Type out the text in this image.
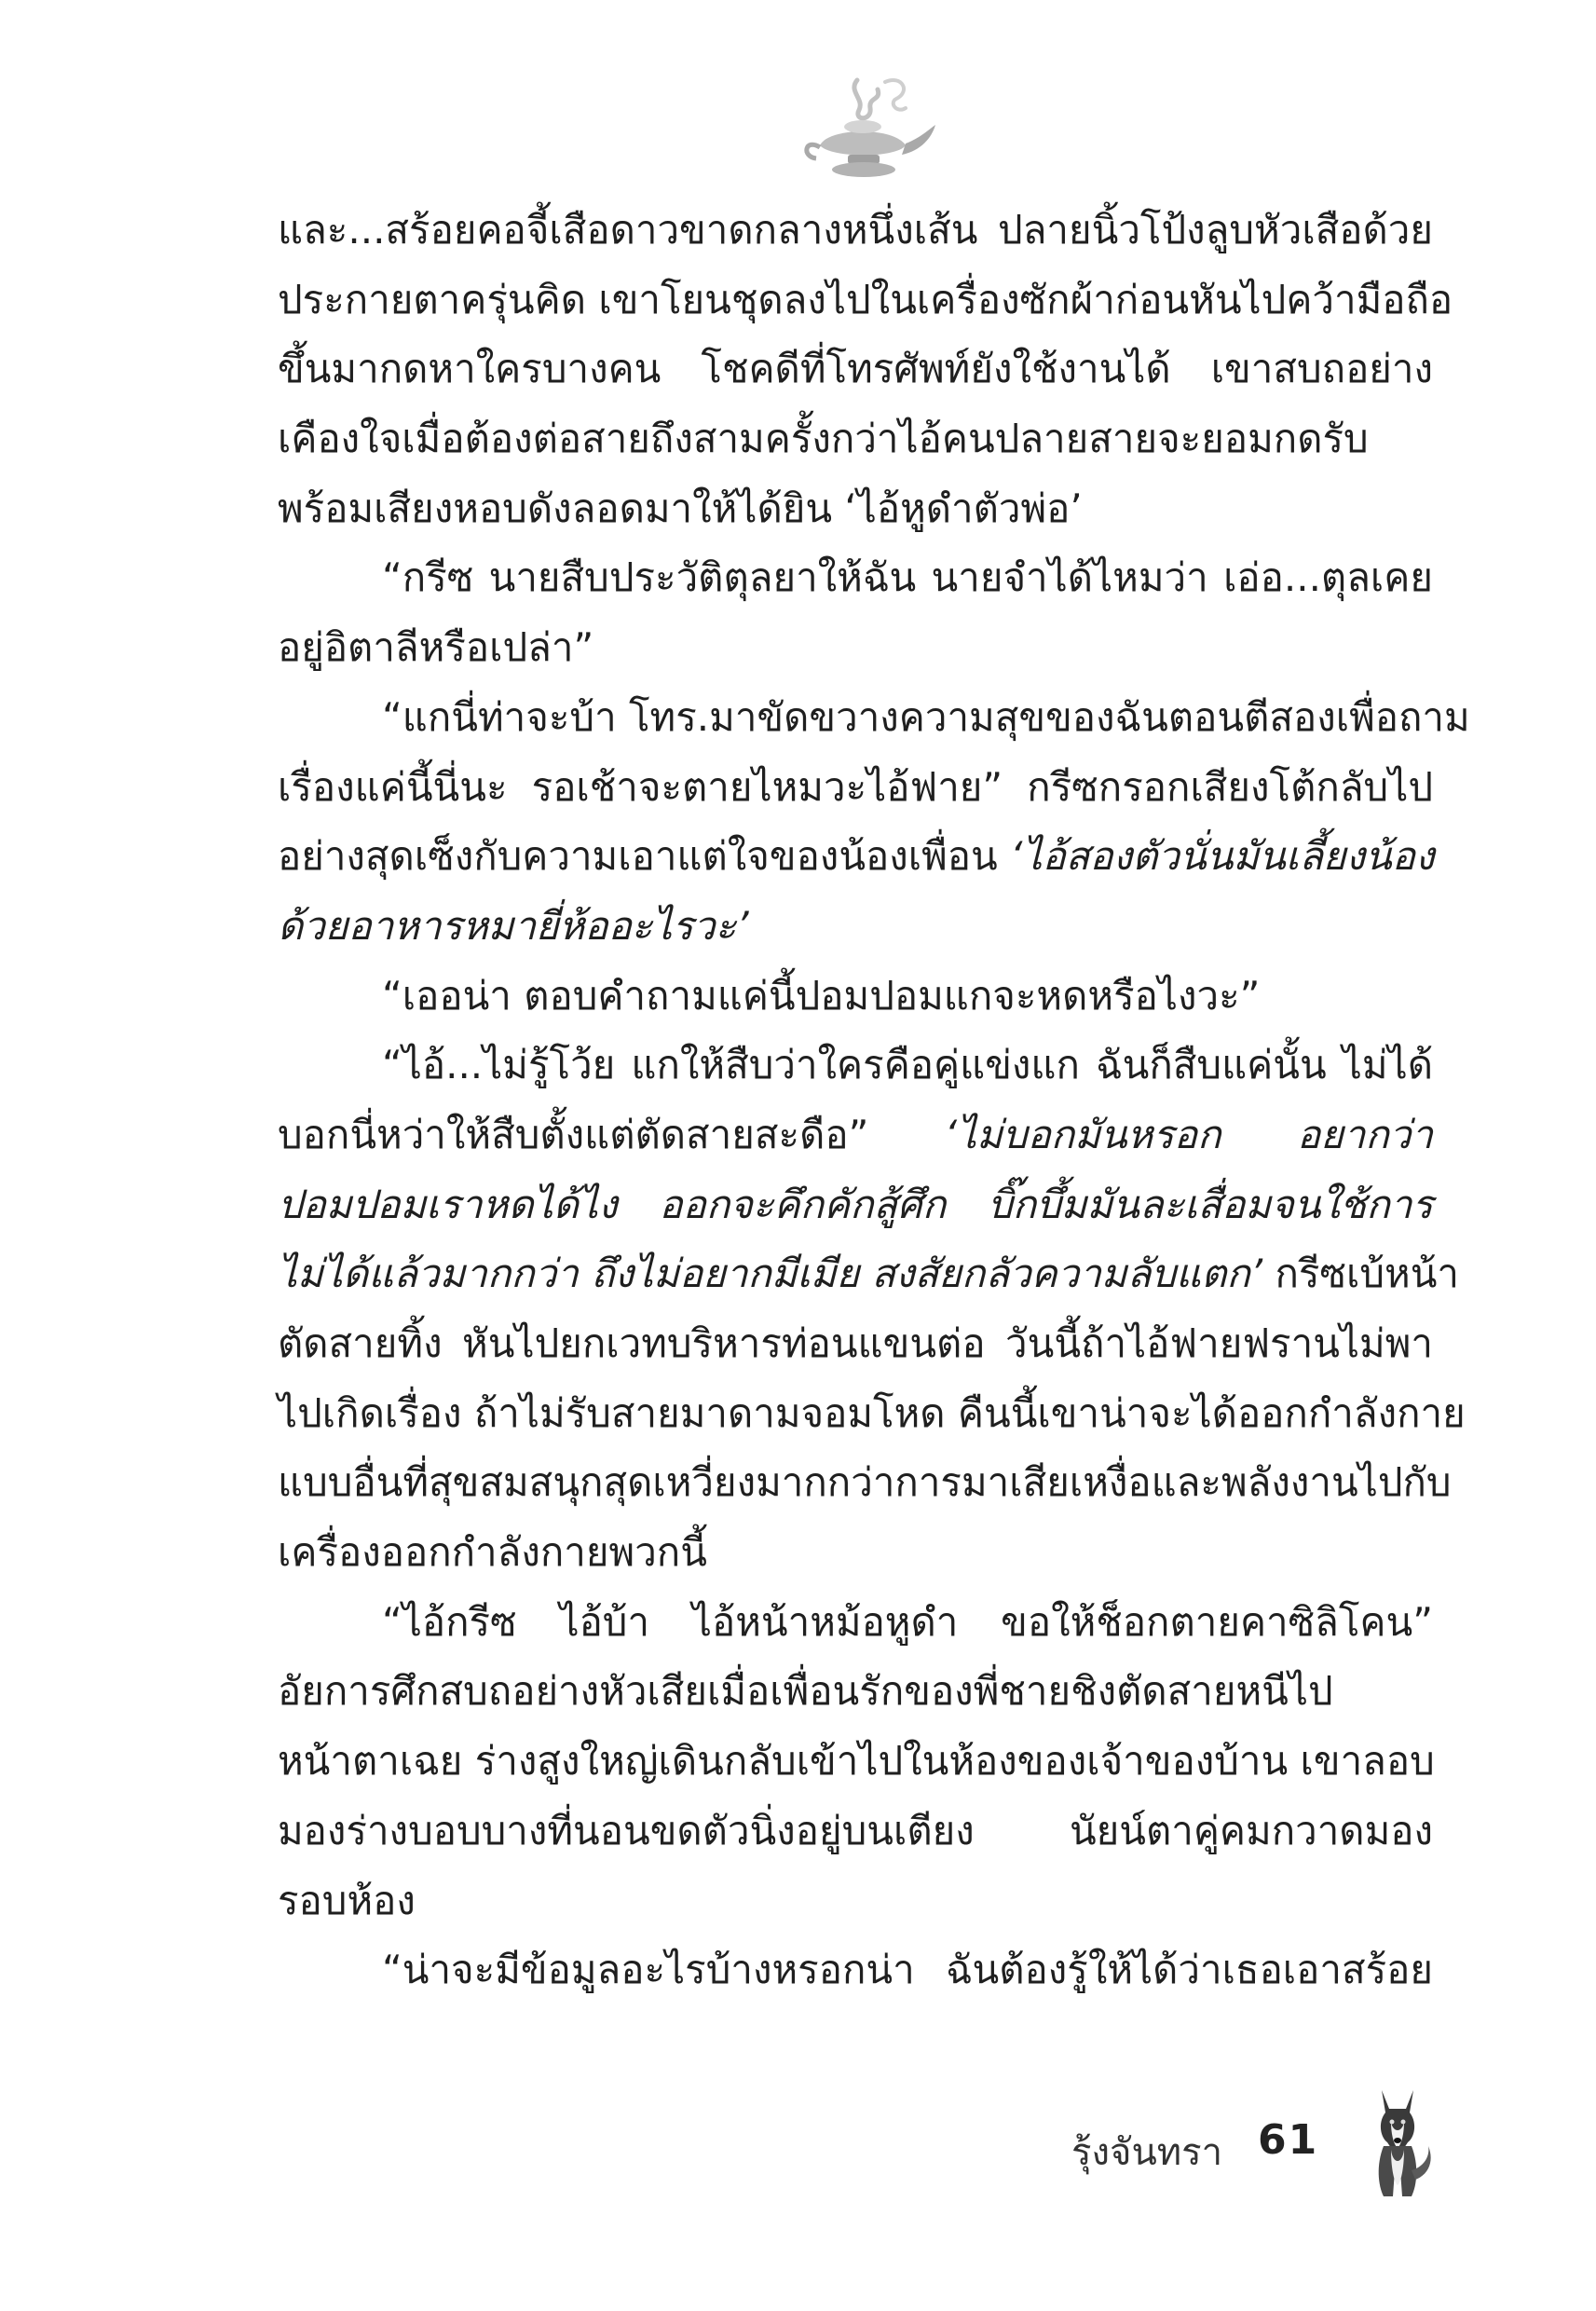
และ...สร้อยคอจี้เสือดาวขาดกลางหนึ่งเส้น ปลายนิ้วโป้งลูบหัวเสือด้วย
ประกายตาครุ่นคิด เขาโยนชุดลงไปในเครื่องซักผ้าก่อนหันไปคว้ามือถือ
ขึ้นมากดหาใครบางคน โชคดีที่โทรศัพท์ยังใช้งานได้ เขาสบถอย่าง
เคืองใจเมื่อต้องต่อสายถึงสามครั้งกว่าไอ้คนปลายสายจะยอมกดรับ
พร้อมเสียงหอบดังลอดมาให้ได้ยิน ‘ไอ้หูดำตัวพ่อ’
“กรีซ นายสืบประวัติตุลยาให้ฉัน นายจำได้ไหมว่า เอ่อ...ตุลเคย
อยู่อิตาลีหรือเปล่า”
“แกนี่ท่าจะบ้า โทร.มาขัดขวางความสุขของฉันตอนตีสองเพื่อถาม
เรื่องแค่นี้นี่นะ รอเช้าจะตายไหมวะไอ้ฟาย” กรีซกรอกเสียงโต้กลับไป
อย่างสุดเซ็งกับความเอาแต่ใจของน้องเพื่อน ‘ไอ้สองตัวนั่นมันเลี้ยงน้อง
ด้วยอาหารหมายี่ห้ออะไรวะ’
“เออน่า ตอบคำถามแค่นี้ปอมปอมแกจะหดหรือไงวะ”
“ไอ้...ไม่รู้โว้ย แกให้สืบว่าใครคือคู่แข่งแก ฉันก็สืบแค่นั้น ไม่ได้
บอกนี่หว่าให้สืบตั้งแต่ตัดสายสะดือ” ‘ไม่บอกมันหรอก อยากว่า
ปอมปอมเราหดได้ไง ออกจะคึกคักสู้ศึก บิ๊กบึ้มมันละเสื่อมจนใช้การ
ไม่ได้แล้วมากกว่า ถึงไม่อยากมีเมีย สงสัยกลัวความลับแตก’ กรีซเบ้หน้า
ตัดสายทิ้ง หันไปยกเวทบริหารท่อนแขนต่อ วันนี้ถ้าไอ้ฟายฟรานไม่พา
ไปเกิดเรื่อง ถ้าไม่รับสายมาดามจอมโหด คืนนี้เขาน่าจะได้ออกกำลังกาย
แบบอื่นที่สุขสมสนุกสุดเหวี่ยงมากกว่าการมาเสียเหงื่อและพลังงานไปกับ
เครื่องออกกำลังกายพวกนี้
“ไอ้กรีซ ไอ้บ้า ไอ้หน้าหม้อหูดำ ขอให้ช็อกตายคาซิลิโคน”
อัยการศึกสบถอย่างหัวเสียเมื่อเพื่อนรักของพี่ชายชิงตัดสายหนีไป
หน้าตาเฉย ร่างสูงใหญ่เดินกลับเข้าไปในห้องของเจ้าของบ้าน เขาลอบ
มองร่างบอบบางที่นอนขดตัวนิ่งอยู่บนเตียง นัยน์ตาคู่คมกวาดมอง
รอบห้อง
“น่าจะมีข้อมูลอะไรบ้างหรอกน่า ฉันต้องรู้ให้ได้ว่าเธอเอาสร้อย
รุ้งจันทรา 61
